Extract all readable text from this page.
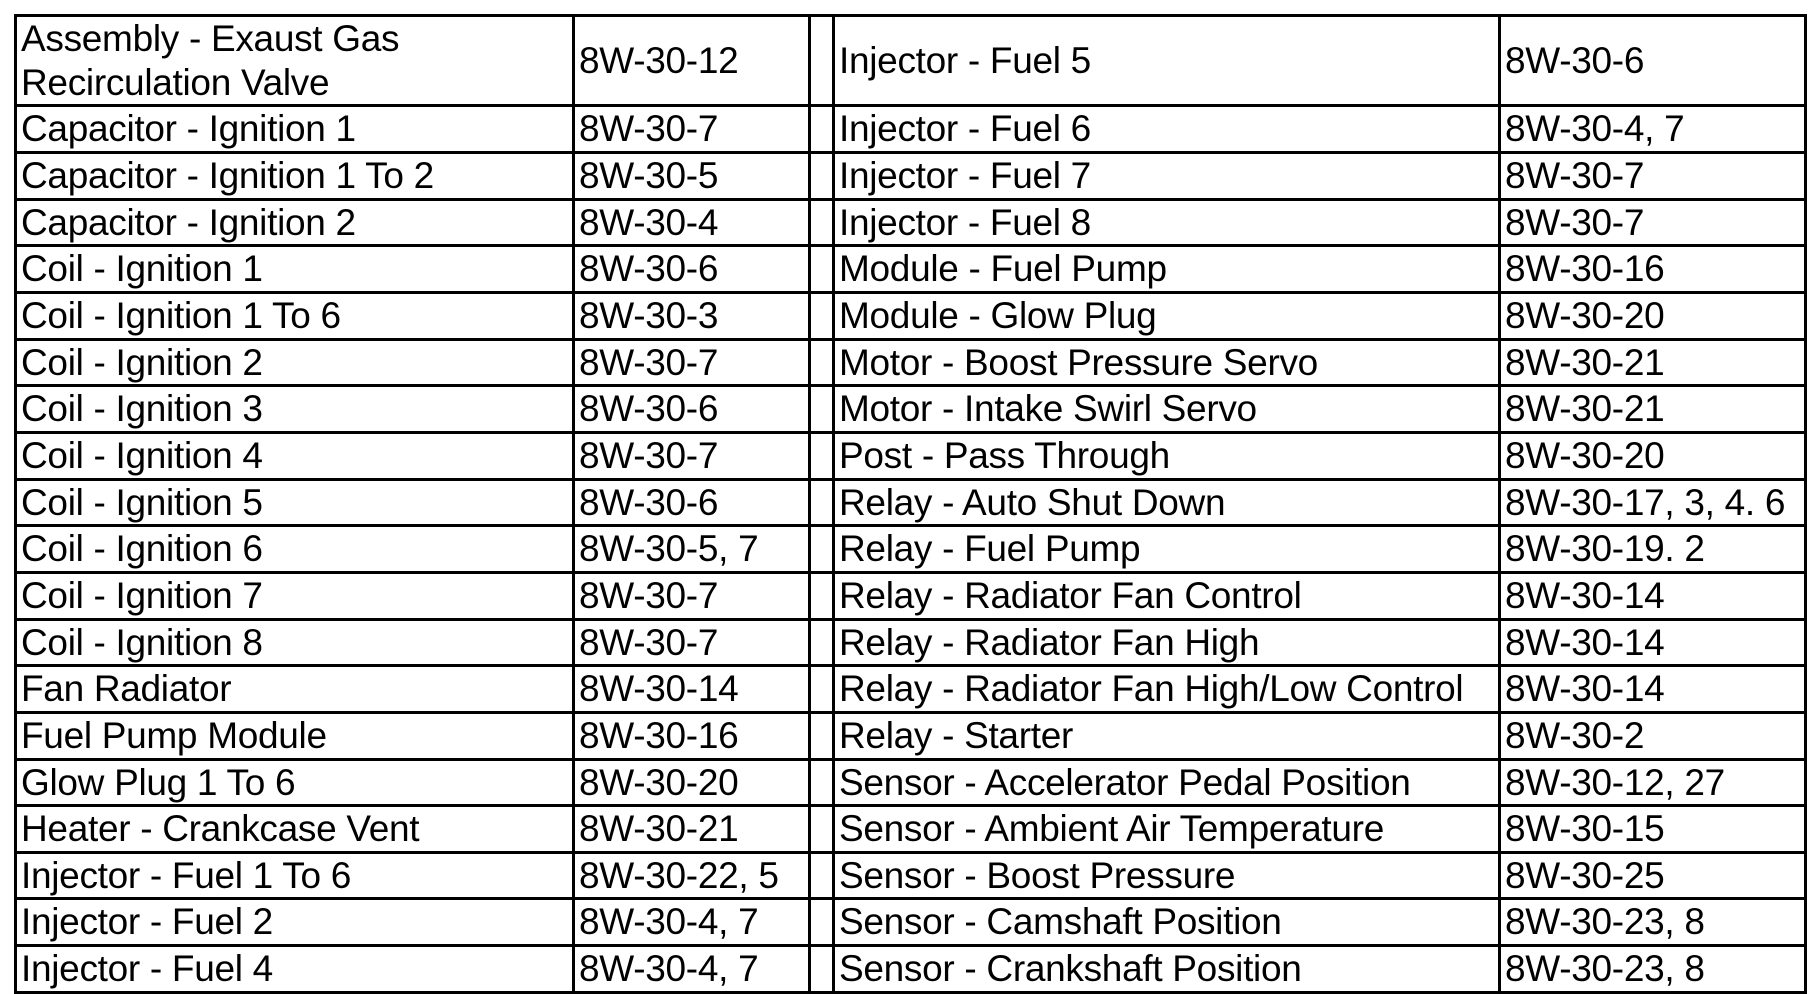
Assembly - Exaust Gas Recirculation Valve	8W-30-12		Injector - Fuel 5	8W-30-6
Capacitor - Ignition 1	8W-30-7		Injector - Fuel 6	8W-30-4, 7
Capacitor - Ignition 1 To 2	8W-30-5		Injector - Fuel 7	8W-30-7
Capacitor - Ignition 2	8W-30-4		Injector - Fuel 8	8W-30-7
Coil - Ignition 1	8W-30-6		Module - Fuel Pump	8W-30-16
Coil - Ignition 1 To 6	8W-30-3		Module - Glow Plug	8W-30-20
Coil - Ignition 2	8W-30-7		Motor - Boost Pressure Servo	8W-30-21
Coil - Ignition 3	8W-30-6		Motor - Intake Swirl Servo	8W-30-21
Coil - Ignition 4	8W-30-7		Post - Pass Through	8W-30-20
Coil - Ignition 5	8W-30-6		Relay - Auto Shut Down	8W-30-17, 3, 4. 6
Coil - Ignition 6	8W-30-5, 7		Relay - Fuel Pump	8W-30-19. 2
Coil - Ignition 7	8W-30-7		Relay - Radiator Fan Control	8W-30-14
Coil - Ignition 8	8W-30-7		Relay - Radiator Fan High	8W-30-14
Fan Radiator	8W-30-14		Relay - Radiator Fan High/Low Control	8W-30-14
Fuel Pump Module	8W-30-16		Relay - Starter	8W-30-2
Glow Plug 1 To 6	8W-30-20		Sensor - Accelerator Pedal Position	8W-30-12, 27
Heater - Crankcase Vent	8W-30-21		Sensor - Ambient Air Temperature	8W-30-15
Injector - Fuel 1 To 6	8W-30-22, 5		Sensor - Boost Pressure	8W-30-25
Injector - Fuel 2	8W-30-4, 7		Sensor - Camshaft Position	8W-30-23, 8
Injector - Fuel 4	8W-30-4, 7		Sensor - Crankshaft Position	8W-30-23, 8
